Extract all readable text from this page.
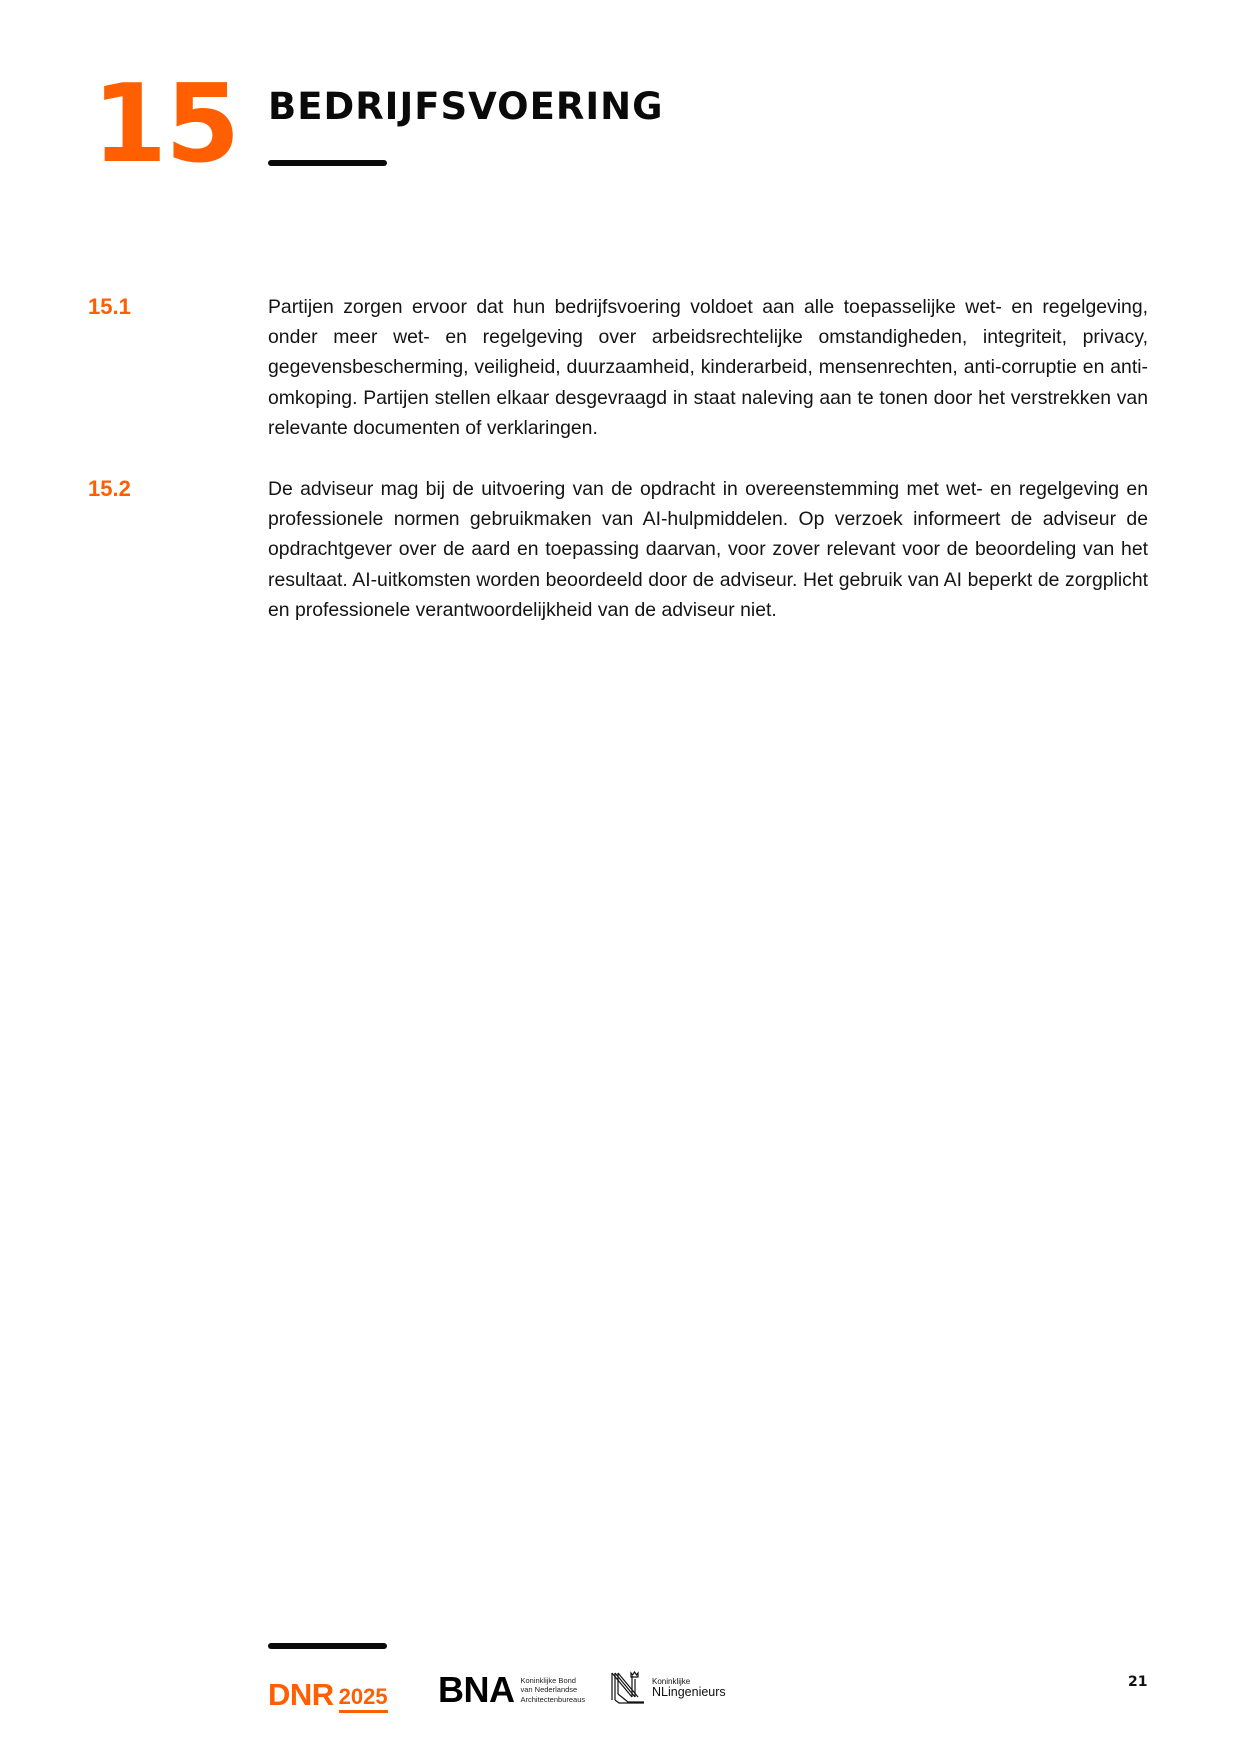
15 BEDRIJFSVOERING
15.1	Partijen zorgen ervoor dat hun bedrijfsvoering voldoet aan alle toepasselijke wet- en regelgeving, onder meer wet- en regelgeving over arbeidsrechtelijke omstandigheden, integriteit, privacy, gegevensbescherming, veiligheid, duurzaamheid, kinderarbeid, mensenrechten, anti-corruptie en anti-omkoping. Partijen stellen elkaar desgevraagd in staat naleving aan te tonen door het verstrekken van relevante documenten of verklaringen.

15.2	De adviseur mag bij de uitvoering van de opdracht in overeenstemming met wet- en regelgeving en professionele normen gebruikmaken van AI-hulpmiddelen. Op verzoek informeert de adviseur de opdrachtgever over de aard en toepassing daarvan, voor zover relevant voor de beoordeling van het resultaat. AI-uitkomsten worden beoordeeld door de adviseur. Het gebruik van AI beperkt de zorgplicht en professionele verantwoordelijkheid van de adviseur niet.

DNR 2025 BNA Koninklijke Bond
van Nederlandse
Architectenbureaus
Koninklijke
NLingenieurs
21
